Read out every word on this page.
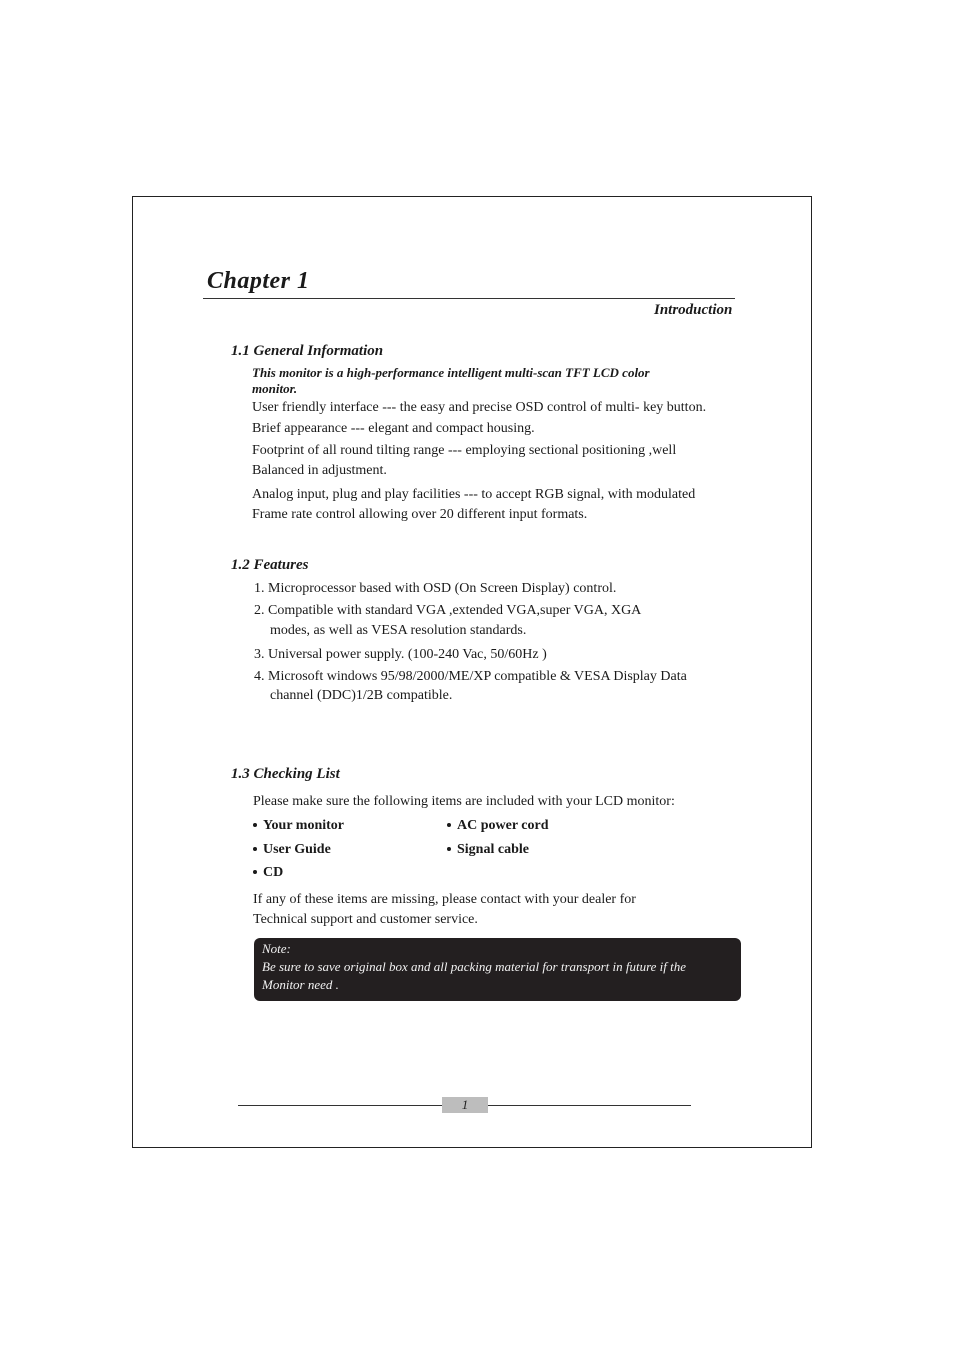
Chapter 1
Introduction
1.1 General Information
This monitor is a high-performance intelligent multi-scan TFT LCD color
monitor.
User friendly interface --- the easy and precise OSD control of multi- key button.
Brief appearance --- elegant and compact housing.
Footprint of all round tilting range --- employing sectional positioning ,well
Balanced in adjustment.
Analog input, plug and play facilities --- to accept RGB signal, with modulated
Frame rate control allowing over 20 different input formats.
1.2 Features
1. Microprocessor based with OSD (On Screen Display) control.
2. Compatible with standard VGA ,extended VGA,super VGA, XGA
modes, as well as VESA resolution standards.
3. Universal power supply. (100-240 Vac, 50/60Hz )
4. Microsoft windows 95/98/2000/ME/XP compatible & VESA Display Data
channel (DDC)1/2B compatible.
1.3 Checking List
Please make sure the following items are included with your LCD monitor:
Your monitor	AC power cord
User Guide	Signal cable
CD
If any of these items are missing, please contact with your dealer for
Technical support and customer service.
Note:
Be sure to save original box and all packing material for transport in future if the
Monitor need .
1
